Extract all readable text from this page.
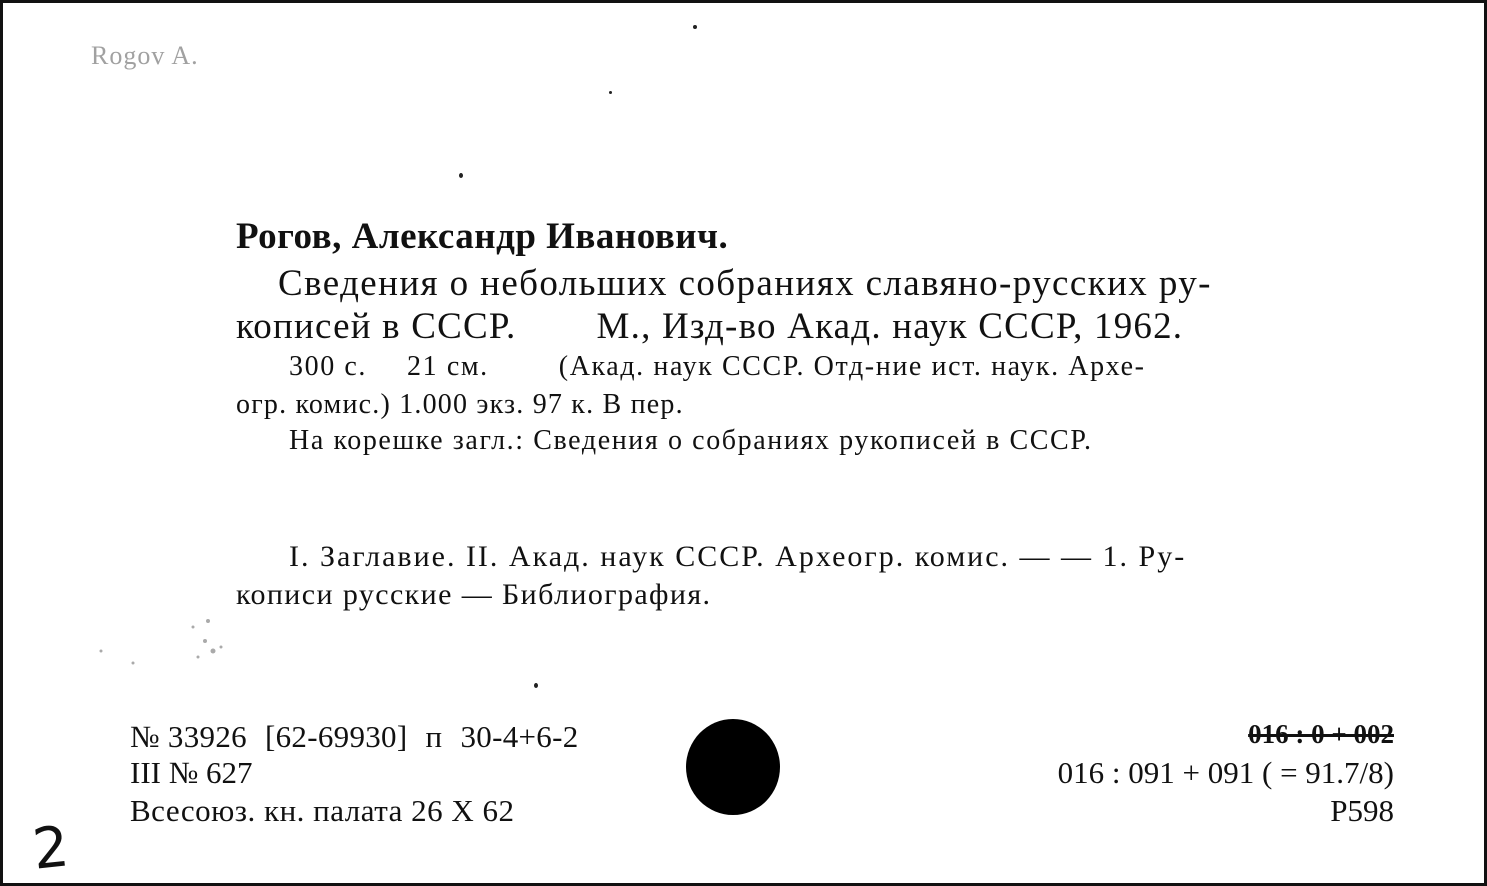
Rogov A.
Рогов, Александр Иванович.
Сведения о небольших собраниях славяно-русских ру-
кописей в СССР. М., Изд-во Акад. наук СССР, 1962.
300 с. 21 см.	(Акад. наук СССР. Отд-ние ист. наук. Архе-
огр. комис.) 1.000 экз. 97 к. В пер.
На корешке загл.: Сведения о собраниях рукописей в СССР.
I. Заглавие. II. Акад. наук СССР. Археогр. комис. — — 1. Ру-
кописи русские — Библиография.
№ 33926 [62-69930] п 30-4+6-2
III № 627
Всесоюз. кн. палата 26 X 62
016 : 0 + 002
016 : 091 + 091 ( = 91.7/8)
Р598
2
